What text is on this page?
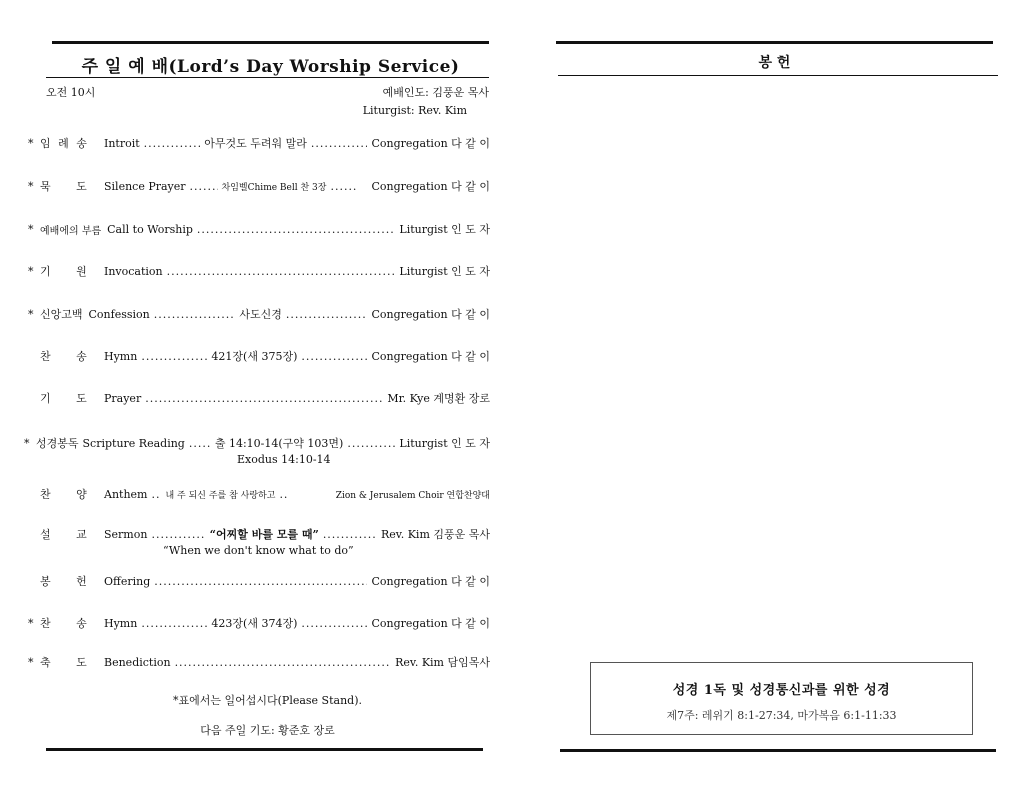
주 일 예 배(Lord’s Day Worship Service)
오전 10시	예배인도: 김풍운 목사
Liturgist: Rev. Kim
* 임 례 송	Introit .....	아무것도 두려워 말라 .....	Congregation 다 같 이
* 묵 도	Silence Prayer .....	차임벨Chime Bell 찬 3장 .....	Congregation 다 같 이
* 예배에의 부름 Call to Worship .....	Liturgist 인 도 자
* 기 원	Invocation .....	Liturgist 인 도 자
* 신앙고백 Confession .....	사도신경 .....	Congregation 다 같 이
찬 송	Hymn .....	421장(새 375장) .....	Congregation 다 같 이
기 도	Prayer .....	Mr. Kye 계명환 장로
* 성경봉독 Scripture Reading .....	출 14:10-14(구약 103면) .....	Liturgist 인 도 자
Exodus 14:10-14
찬 양	Anthem ..... 내 주 되신 주를 참 사랑하고 .....	Zion & Jerusalem Choir 연합찬양대
설 교	Sermon .....	“어찌할 바를 모를 때” .....	Rev. Kim 김풍운 목사
“When we don't know what to do”
봉 헌	Offering .....	Congregation 다 같 이
* 찬 송	Hymn .....	423장(새 374장) .....	Congregation 다 같 이
* 축 도	Benediction .....	Rev. Kim 담임목사
*표에서는 일어섭시다(Please Stand).
다음 주일 기도: 황준호 장로
봉 헌
성경 1독 및 성경통신과를 위한 성경
제7주: 레위기 8:1-27:34, 마가복음 6:1-11:33
